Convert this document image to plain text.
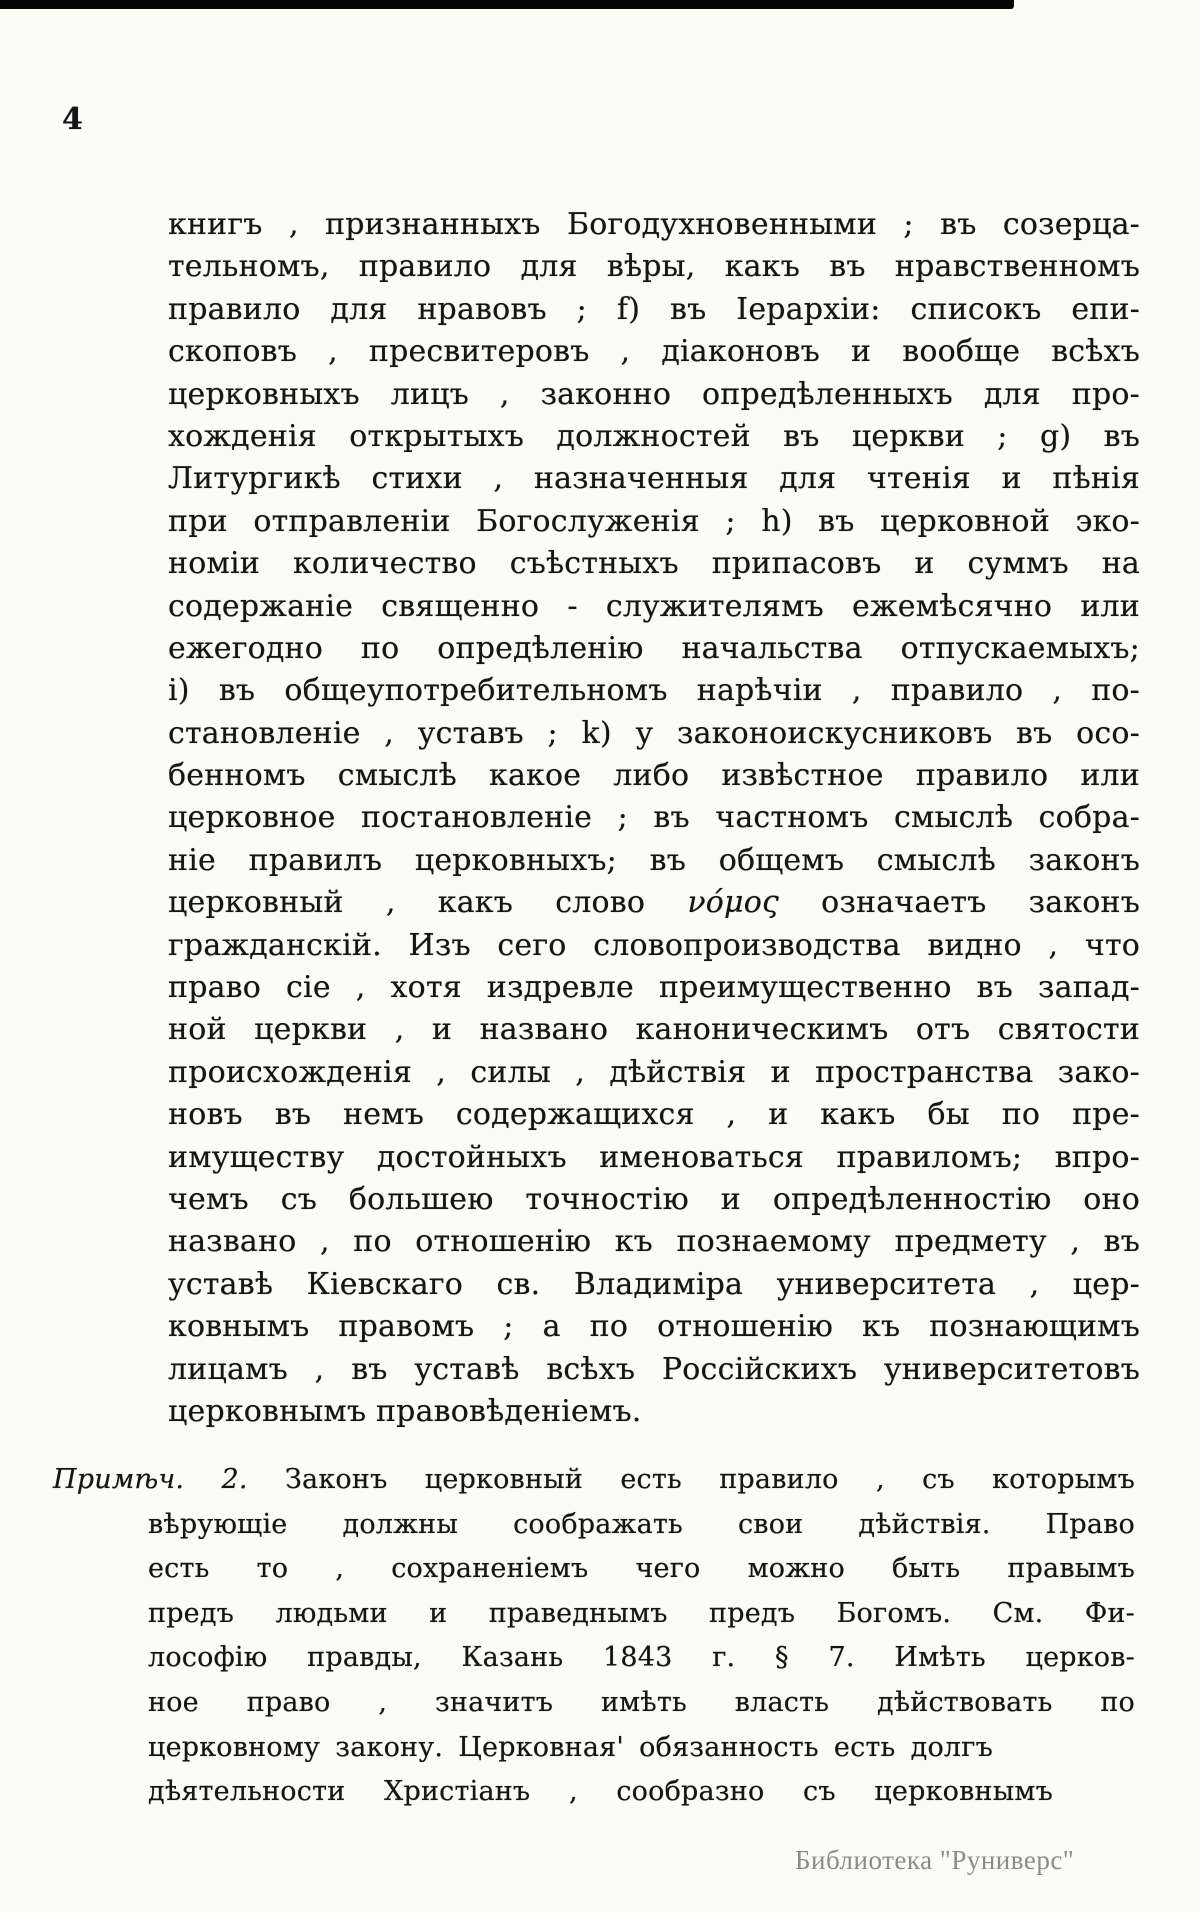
4
книгъ , признанныхъ Богодухновенными ; въ созерца-
тельномъ, правило для вѣры, какъ въ нравственномъ
правило для нравовъ ; f) въ Іерархіи: списокъ епи-
скоповъ , пресвитеровъ , діаконовъ и вообще всѣхъ
церковныхъ лицъ , законно опредѣленныхъ для про-
хожденія открытыхъ должностей въ церкви ; g) въ
Литургикѣ стихи , назначенныя для чтенія и пѣнія
при отправленіи Богослуженія ; h) въ церковной эко-
номіи количество съѣстныхъ припасовъ и суммъ на
содержаніе священно - служителямъ ежемѣсячно или
ежегодно по опредѣленію начальства отпускаемыхъ;
i) въ общеупотребительномъ нарѣчіи , правило , по-
становленіе , уставъ ; k) у законоискусниковъ въ осо-
бенномъ смыслѣ какое либо извѣстное правило или
церковное постановленіе ; въ частномъ смыслѣ собра-
ніе правилъ церковныхъ; въ общемъ смыслѣ законъ
церковный , какъ слово νόμος означаетъ законъ
гражданскій. Изъ сего словопроизводства видно , что
право сіе , хотя издревле преимущественно въ запад-
ной церкви , и названо каноническимъ отъ святости
происхожденія , силы , дѣйствія и пространства зако-
новъ въ немъ содержащихся , и какъ бы по пре-
имуществу достойныхъ именоваться правиломъ; впро-
чемъ съ большею точностію и опредѣленностію оно
названо , по отношенію къ познаемому предмету , въ
уставѣ Кіевскаго св. Владиміра университета , цер-
ковнымъ правомъ ; а по отношенію къ познающимъ
лицамъ , въ уставѣ всѣхъ Россійскихъ университетовъ
церковнымъ правовѣденіемъ.
Примѣч. 2. Законъ церковный есть правило , съ которымъ
вѣрующіе должны соображать свои дѣйствія. Право
есть то , сохраненіемъ чего можно быть правымъ
предъ людьми и праведнымъ предъ Богомъ. См. Фи-
лософію правды, Казань 1843 г. § 7. Имѣть церков-
ное право , значитъ имѣть власть дѣйствовать по
церковному закону. Церковная' обязанность есть долгъ
дѣятельности Христіанъ , сообразно съ церковнымъ
Библиотека "Руниверс"
